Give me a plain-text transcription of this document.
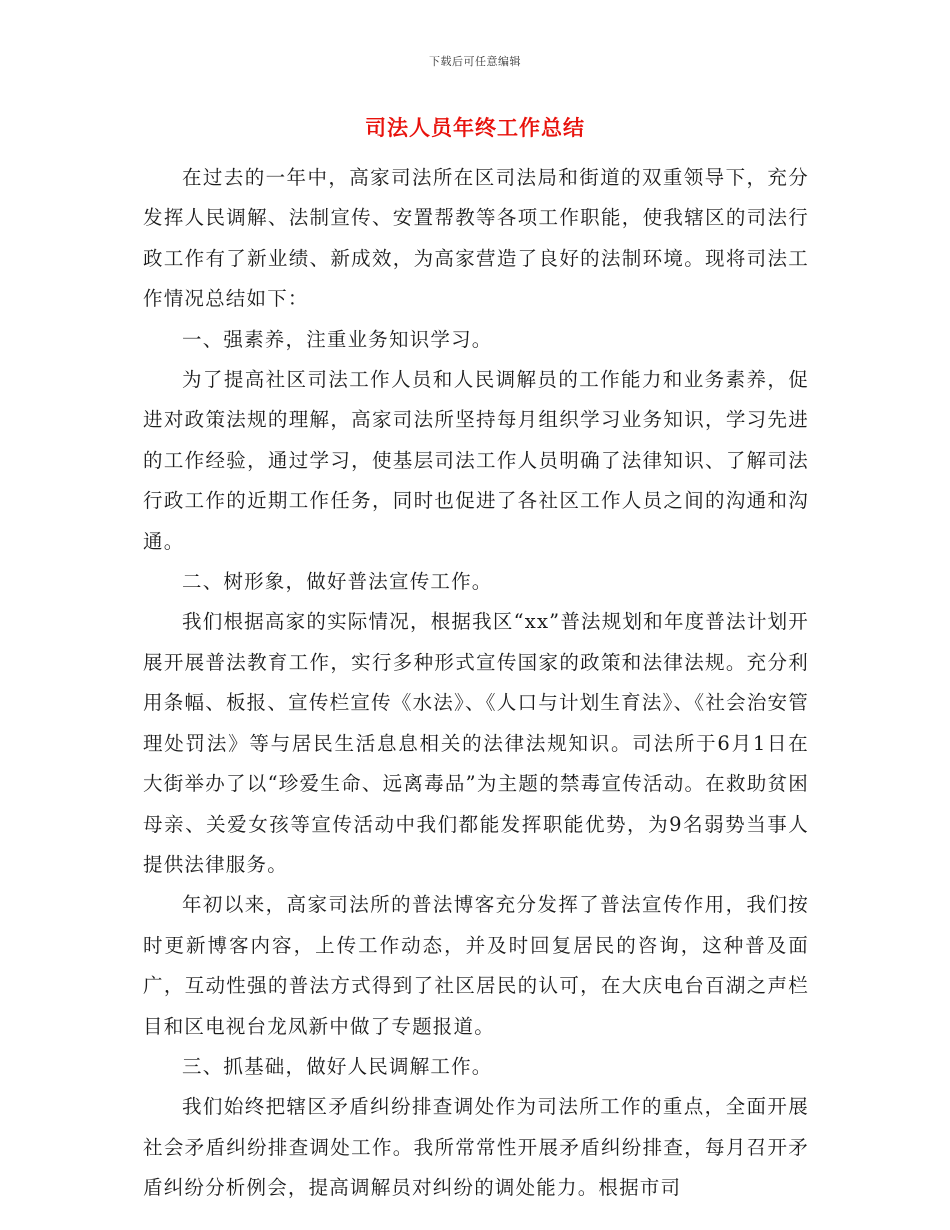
下载后可任意编辑
司法人员年终工作总结

在过去的一年中，高家司法所在区司法局和街道的双重领导下，充分发挥人民调解、法制宣传、安置帮教等各项工作职能，使我辖区的司法行政工作有了新业绩、新成效，为高家营造了良好的法制环境。现将司法工作情况总结如下：

一、强素养，注重业务知识学习。

为了提高社区司法工作人员和人民调解员的工作能力和业务素养，促进对政策法规的理解，高家司法所坚持每月组织学习业务知识，学习先进的工作经验，通过学习，使基层司法工作人员明确了法律知识、了解司法行政工作的近期工作任务，同时也促进了各社区工作人员之间的沟通和沟通。

二、树形象，做好普法宣传工作。

我们根据高家的实际情况，根据我区“xx”普法规划和年度普法计划开展开展普法教育工作，实行多种形式宣传国家的政策和法律法规。充分利用条幅、板报、宣传栏宣传《水法》、《人口与计划生育法》、《社会治安管理处罚法》等与居民生活息息相关的法律法规知识。司法所于6月1日在大街举办了以“珍爱生命、远离毒品”为主题的禁毒宣传活动。在救助贫困母亲、关爱女孩等宣传活动中我们都能发挥职能优势，为9名弱势当事人提供法律服务。

年初以来，高家司法所的普法博客充分发挥了普法宣传作用，我们按时更新博客内容，上传工作动态，并及时回复居民的咨询，这种普及面广，互动性强的普法方式得到了社区居民的认可，在大庆电台百湖之声栏目和区电视台龙凤新中做了专题报道。

三、抓基础，做好人民调解工作。

我们始终把辖区矛盾纠纷排查调处作为司法所工作的重点，全面开展社会矛盾纠纷排查调处工作。我所常常性开展矛盾纠纷排查，每月召开矛盾纠纷分析例会，提高调解员对纠纷的调处能力。根据市司
